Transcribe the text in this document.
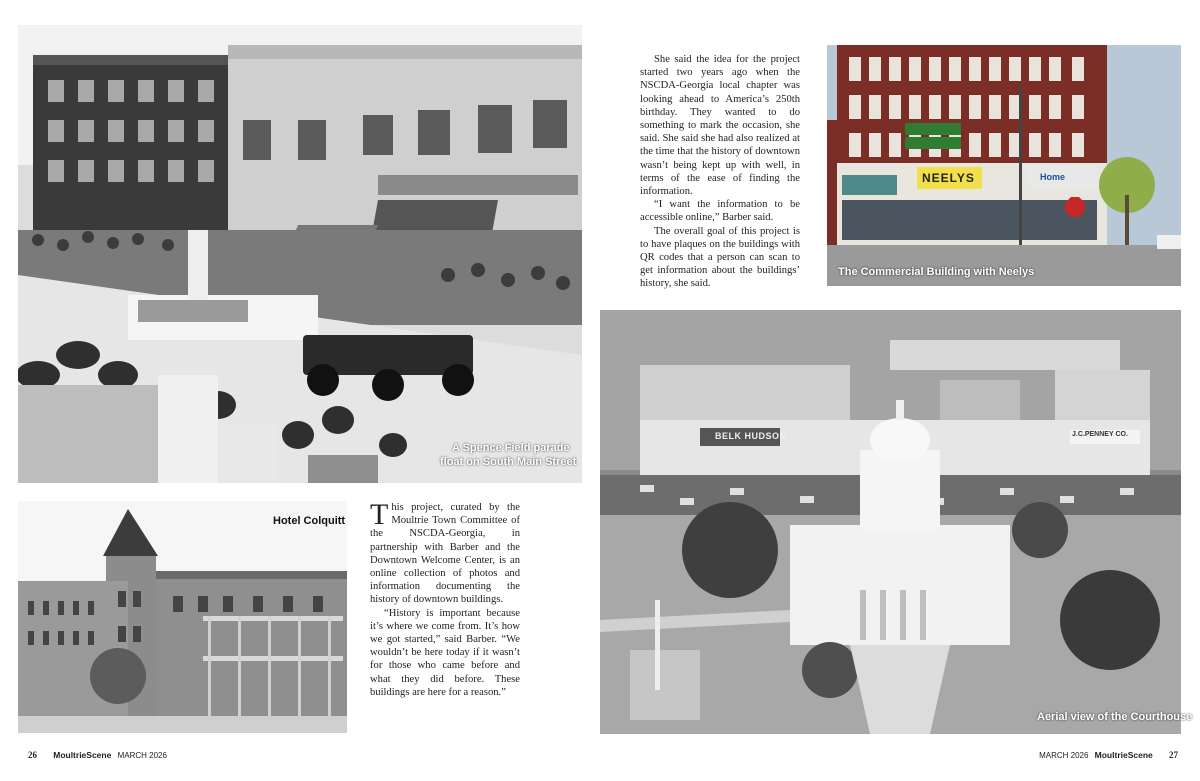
A Spence Field parade
float on South Main Street
Hotel Colquitt This project, curated by the Moultrie Town Committee of the NSCDA-Georgia, in partnership with Barber and the Downtown Welcome Center, is an online collection of photos and information documenting the history of downtown buildings.

“History is important because it’s where we come from. It’s how we got started,” said Barber. “We wouldn’t be here today if it wasn’t for those who came before and what they did before. These buildings are here for a reason.”

She said the idea for the project started two years ago when the NSCDA-Georgia local chapter was looking ahead to America’s 250th birthday. They wanted to do something to mark the occasion, she said. She said she had also realized at the time that the history of downtown wasn’t being kept up with well, in terms of the ease of finding the information.

“I want the information to be accessible online,” Barber said.

The overall goal of this project is to have plaques on the buildings with QR codes that a person can scan to get information about the buildings’ history, she said.

NEELYS	Home
The Commercial Building with Neelys
BELK HUDSON	J.C.PENNEY CO.
Aerial view of the Courthouse
26 MoultrieScene MARCH 2026	MARCH 2026 MoultrieScene 27
